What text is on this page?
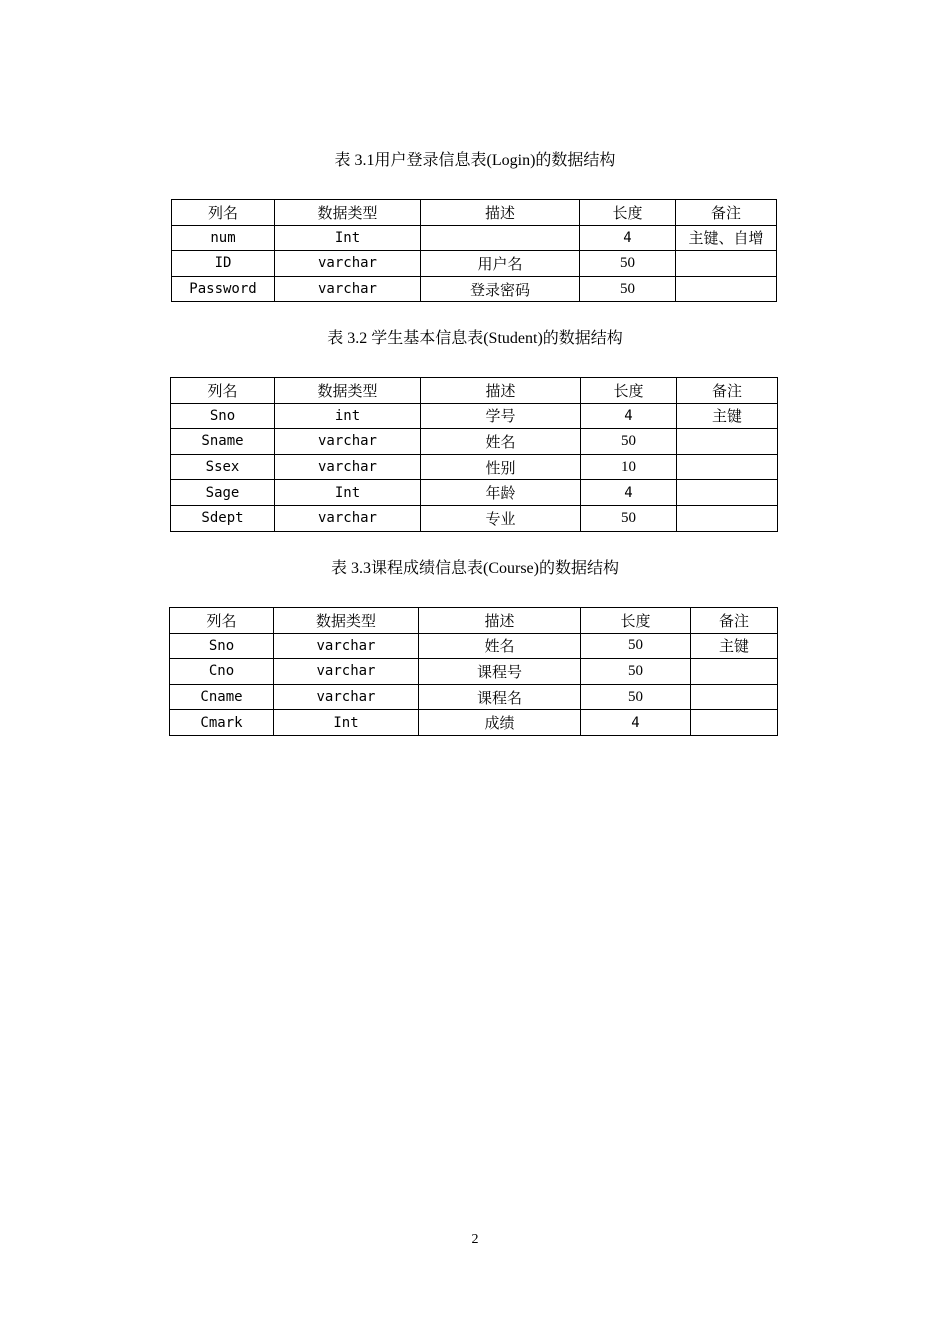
表 3.1用户登录信息表(Login)的数据结构
列名	数据类型	描述	长度	备注
num	Int		4	主键、自增
ID	varchar	用户名	50	
Password	varchar	登录密码	50	
表 3.2 学生基本信息表(Student)的数据结构
列名	数据类型	描述	长度	备注
Sno	int	学号	4	主键
Sname	varchar	姓名	50	
Ssex	varchar	性别	10	
Sage	Int	年龄	4	
Sdept	varchar	专业	50	
表 3.3课程成绩信息表(Course)的数据结构
列名	数据类型	描述	长度	备注
Sno	varchar	姓名	50	主键
Cno	varchar	课程号	50	
Cname	varchar	课程名	50	
Cmark	Int	成绩	4	
2
